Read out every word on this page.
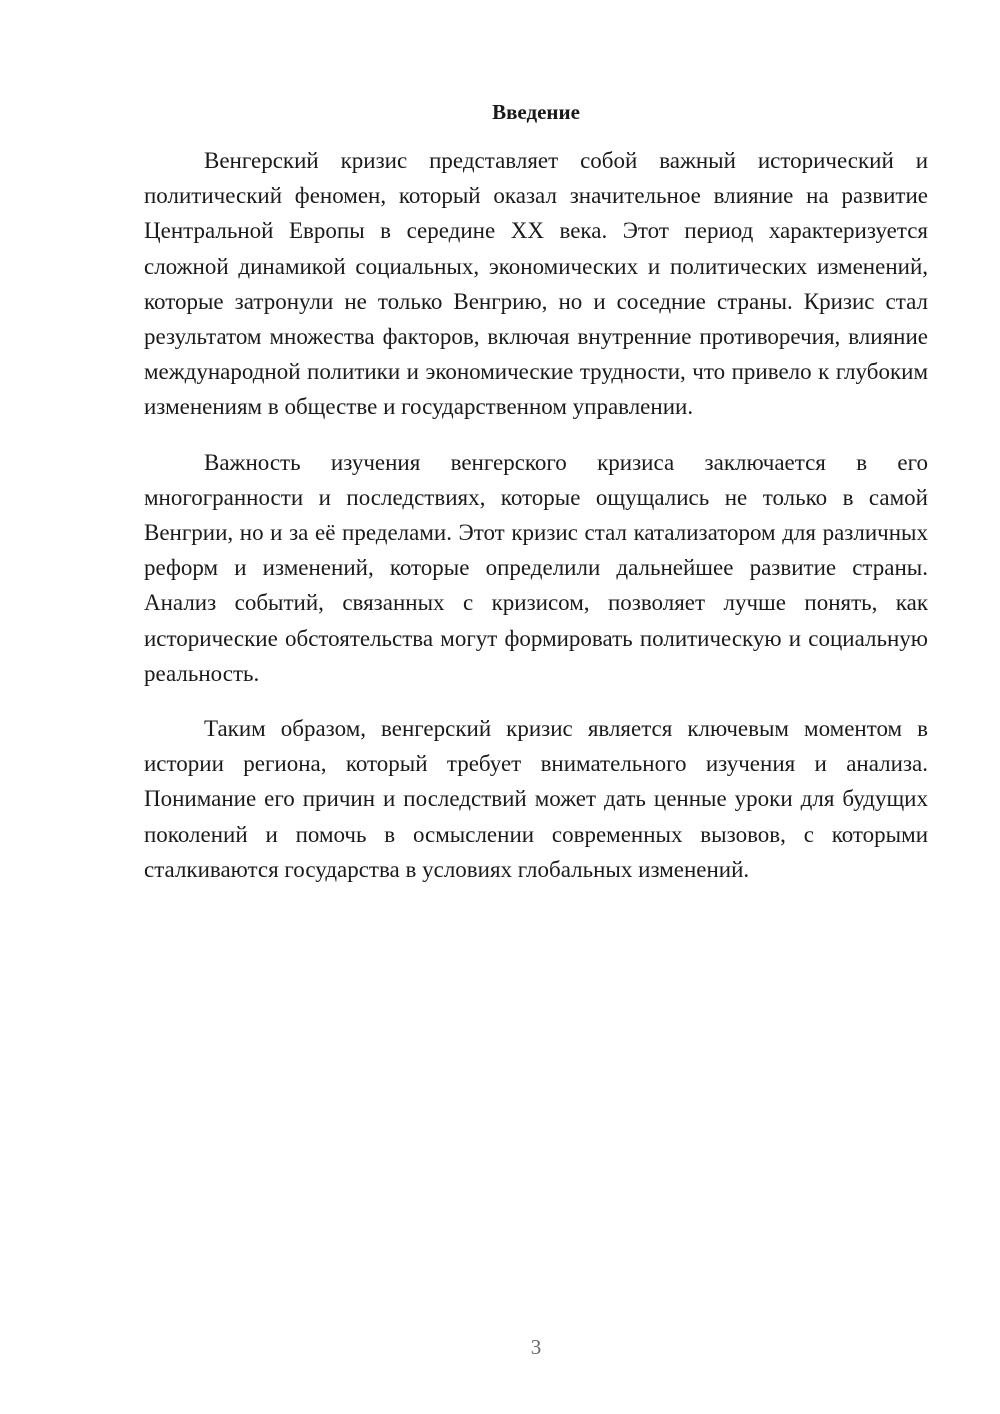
Введение

Венгерский кризис представляет собой важный исторический и политический феномен, который оказал значительное влияние на развитие Центральной Европы в середине XX века. Этот период характеризуется сложной динамикой социальных, экономических и политических изменений, которые затронули не только Венгрию, но и соседние страны. Кризис стал результатом множества факторов, включая внутренние противоречия, влияние международной политики и экономические трудности, что привело к глубоким изменениям в обществе и государственном управлении.

Важность изучения венгерского кризиса заключается в его многогранности и последствиях, которые ощущались не только в самой Венгрии, но и за её пределами. Этот кризис стал катализатором для различных реформ и изменений, которые определили дальнейшее развитие страны. Анализ событий, связанных с кризисом, позволяет лучше понять, как исторические обстоятельства могут формировать политическую и социальную реальность.

Таким образом, венгерский кризис является ключевым моментом в истории региона, который требует внимательного изучения и анализа. Понимание его причин и последствий может дать ценные уроки для будущих поколений и помочь в осмыслении современных вызовов, с которыми сталкиваются государства в условиях глобальных изменений.

3
